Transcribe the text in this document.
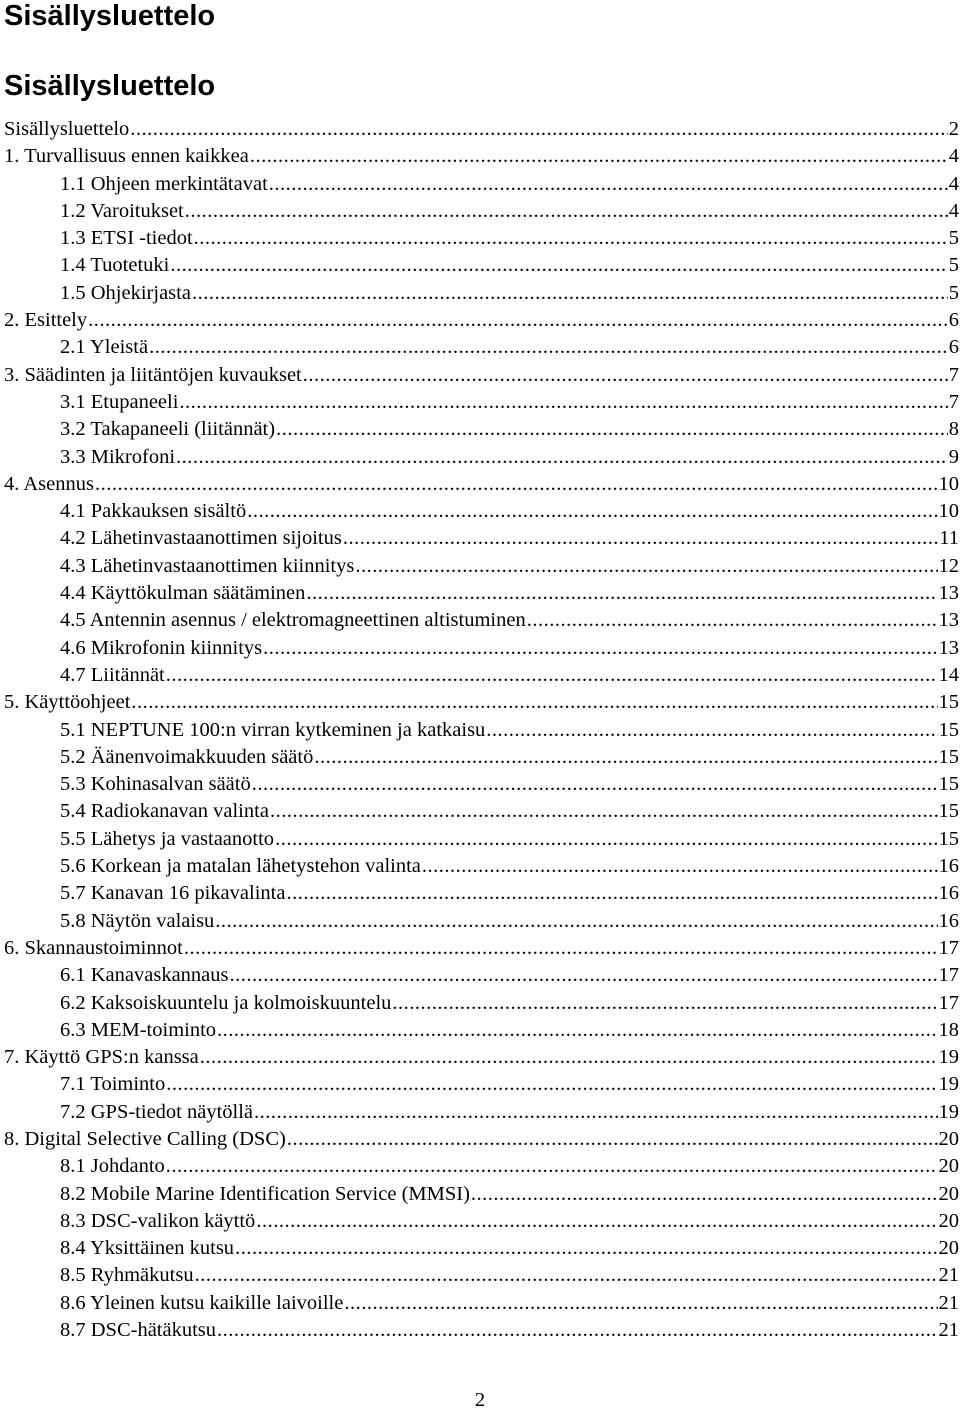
Sisällysluettelo
Sisällysluettelo
Sisällysluettelo .....	2
1. Turvallisuus ennen kaikkea .....	4
1.1 Ohjeen merkintätavat .....	4
1.2 Varoitukset .....	4
1.3 ETSI -tiedot .....	5
1.4 Tuotetuki .....	5
1.5 Ohjekirjasta .....	5
2. Esittely .....	6
2.1 Yleistä .....	6
3. Säädinten ja liitäntöjen kuvaukset .....	7
3.1 Etupaneeli .....	7
3.2 Takapaneeli (liitännät) .....	8
3.3 Mikrofoni .....	9
4. Asennus .....	10
4.1 Pakkauksen sisältö .....	10
4.2 Lähetinvastaanottimen sijoitus .....	11
4.3 Lähetinvastaanottimen kiinnitys .....	12
4.4 Käyttökulman säätäminen .....	13
4.5 Antennin asennus / elektromagneettinen altistuminen .....	13
4.6 Mikrofonin kiinnitys .....	13
4.7 Liitännät .....	14
5. Käyttöohjeet .....	15
5.1 NEPTUNE 100:n virran kytkeminen ja katkaisu .....	15
5.2 Äänenvoimakkuuden säätö .....	15
5.3 Kohinasalvan säätö .....	15
5.4 Radiokanavan valinta .....	15
5.5 Lähetys ja vastaanotto .....	15
5.6 Korkean ja matalan lähetystehon valinta .....	16
5.7 Kanavan 16 pikavalinta .....	16
5.8 Näytön valaisu .....	16
6. Skannaustoiminnot .....	17
6.1 Kanavaskannaus .....	17
6.2 Kaksoiskuuntelu ja kolmoiskuuntelu .....	17
6.3 MEM-toiminto .....	18
7. Käyttö GPS:n kanssa .....	19
7.1 Toiminto .....	19
7.2 GPS-tiedot näytöllä .....	19
8. Digital Selective Calling (DSC) .....	20
8.1 Johdanto .....	20
8.2 Mobile Marine Identification Service (MMSI) .....	20
8.3 DSC-valikon käyttö .....	20
8.4 Yksittäinen kutsu .....	20
8.5 Ryhmäkutsu .....	21
8.6 Yleinen kutsu kaikille laivoille .....	21
8.7 DSC-hätäkutsu .....	21
2
